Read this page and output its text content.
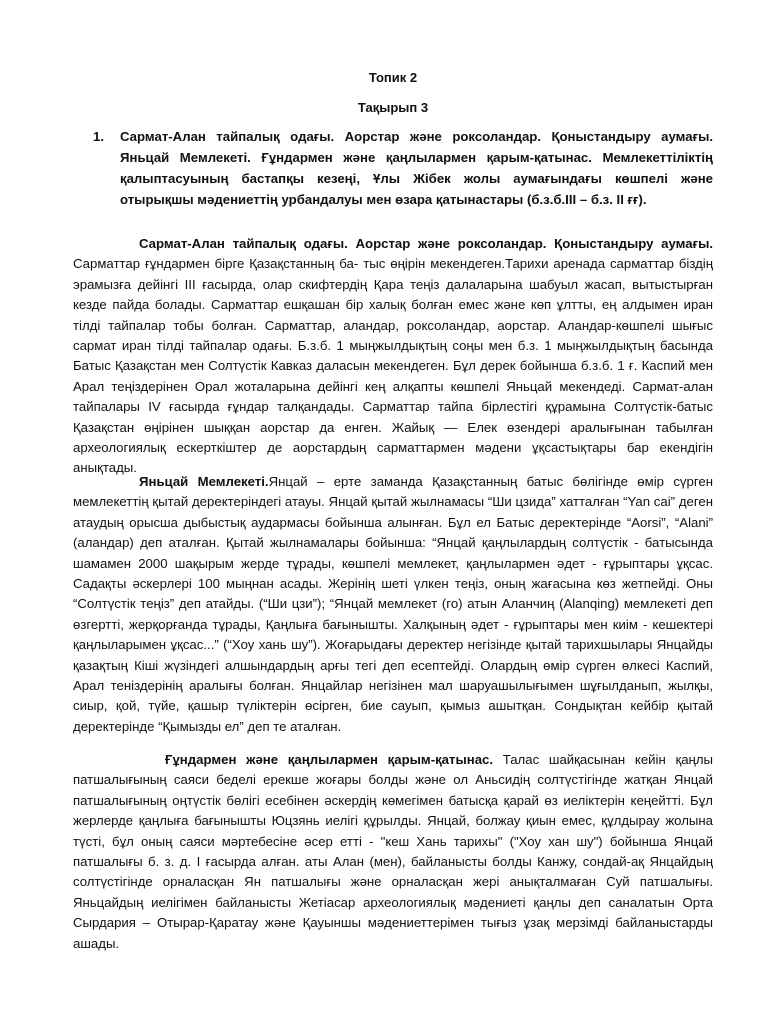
Топик 2

Тақырып 3

1. Сармат-Алан тайпалық одағы. Аорстар және роксоландар. Қоныстандыру аумағы. Яньцай Мемлекеті. Ғұндармен және қаңлылармен қарым-қатынас. Мемлекеттіліктің қалыптасуының бастапқы кезеңі, Ұлы Жібек жолы аумағындағы көшпелі және отырықшы мәдениеттің урбандалуы мен өзара қатынастары (б.з.б.III – б.з. II ғғ).

Сармат-Алан тайпалық одағы. Аорстар және роксоландар. Қоныстандыру аумағы. Сарматтар ғұндармен бірге Қазақстанның ба- тыс өңірін мекендеген.Тарихи аренада сарматтар біздің эрамызға дейінгі ІІІ ғасырда, олар скифтердің Қара теңіз далаларына шабуыл жасап, вытыстырған кезде пайда болады. Сарматтар ешқашан бір халық болған емес және көп ұлтты, ең алдымен иран тілді тайпалар тобы болған. Сарматтар, аландар, роксоландар, аорстар. Аландар-көшпелі шығыс сармат иран тілді тайпалар одағы. Б.з.б. 1 мыңжылдықтың соңы мен б.з. 1 мыңжылдықтың басында Батыс Қазақстан мен Солтүстік Кавказ даласын мекендеген. Бұл дерек бойынша б.з.б. 1 ғ. Каспий мен Арал теңіздерінен Орал жоталарына дейінгі кең алқапты көшпелі Яньцай мекендеді. Сармат-алан тайпалары IV ғасырда ғұндар талқандады. Сарматтар тайпа бірлестігі құрамына Солтүстік-батыс Қазақстан өңірінен шыққан аорстар да енген. Жайық — Елек өзендері аралығынан табылған археологиялық ескерткіштер де аорстардың сарматтармен мәдени ұқсастықтары бар екендігін анықтады.

Яньцай Мемлекеті.Янцай – ерте заманда Қазақстанның батыс бөлігінде өмір сүрген мемлекеттің қытай деректеріндегі атауы. Янцай қытай жылнамасы “Ши цзида” хатталған “Yan cai” деген атаудың орысша дыбыстық аудармасы бойынша алынған. Бұл ел Батыс деректерінде “Aorsi”, “Alani” (аландар) деп аталған. Қытай жылнамалары бойынша: “Янцай қаңлылардың солтүстік - батысында шамамен 2000 шақырым жерде тұрады, көшпелі мемлекет, қаңлылармен әдет - ғұрыптары ұқсас. Садақты әскерлері 100 мыңнан асады. Жерінің шеті үлкен теңіз, оның жағасына көз жетпейді. Оны “Солтүстік теңіз” деп атайды. (“Ши цзи”); “Янцай мемлекет (го) атын Аланчиң (Alanqing) мемлекеті деп өзгертті, жерқорғанда тұрады, Қаңлыға бағынышты. Халқының әдет - ғұрыптары мен киім - кешектері қаңлыларымен ұқсас...” (“Хоу хань шу”). Жоғарыдағы деректер негізінде қытай тарихшылары Янцайды қазақтың Кіші жүзіндегі алшындардың арғы тегі деп есептейді. Олардың өмір сүрген өлкесі Каспий, Арал теніздерінің аралығы болған. Янцайлар негізінен мал шаруашылығымен шұғылданып, жылқы, сиыр, қой, түйе, қашыр түліктерін өсірген, бие сауып, қымыз ашытқан. Сондықтан кейбір қытай деректерінде “Қымызды ел” деп те аталған.

Ғұндармен және қаңлылармен қарым-қатынас. Талас шайқасынан кейін қаңлы патшалығының саяси беделі ерекше жоғары болды және ол Аньсидің солтүстігінде жатқан Янцай патшалығының оңтүстік бөлігі есебінен әскердің көмегімен батысқа қарай өз иеліктерін кеңейтті. Бұл жерлерде қаңлыға бағынышты Юцзянь иелігі құрылды. Янцай, болжау қиын емес, құлдырау жолына түсті, бұл оның саяси мәртебесіне әсер етті - "кеш Хань тарихы" ("Хоу хан шу") бойынша Янцай патшалығы б. з. д. І ғасырда алған. аты Алан (мен), байланысты болды Канжу, сондай-ақ Янцайдың солтүстігінде орналасқан Ян патшалығы және орналасқан жері анықталмаған Суй патшалығы. Яньцайдың иелігімен байланысты Жетіасар археологиялық мәдениеті қаңлы деп саналатын Орта Сырдария – Отырар-Қаратау және Қауыншы мәдениеттерімен тығыз ұзақ мерзімді байланыстарды ашады.
